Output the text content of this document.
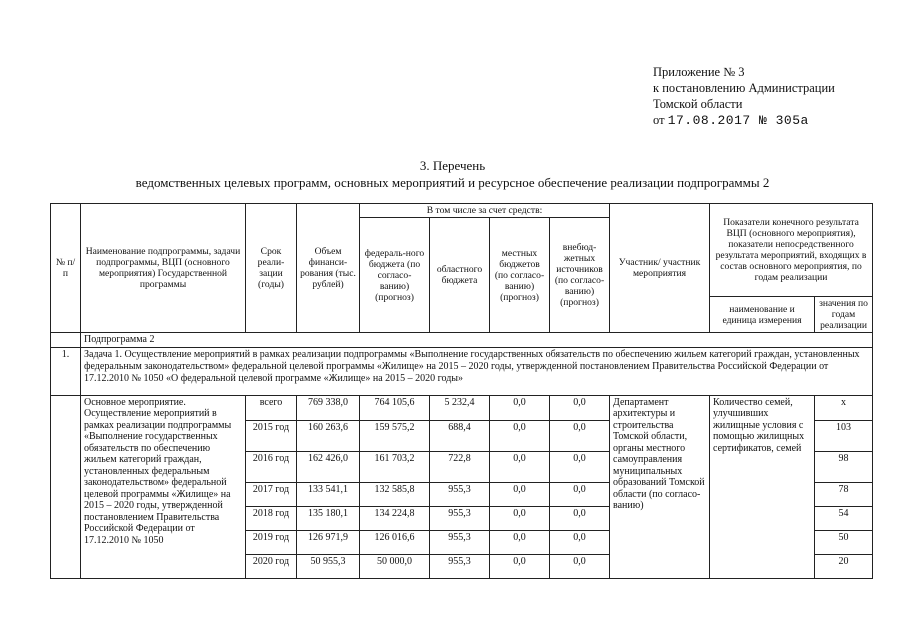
Приложение № 3
к постановлению Администрации
Томской области
от 17.08.2017 № 305а
3. Перечень
ведомственных целевых программ, основных мероприятий и ресурсное обеспечение реализации подпрограммы 2
№ п/п	Наименование подпрограммы, задачи подпрограммы, ВЦП (основного мероприятия) Государственной программы	Срок реали-зации (годы)	Объем финанси-рования (тыс. рублей)	В том числе за счет средств:				Участник/ участник мероприятия	Показатели конечного результата ВЦП (основного мероприятия), показатели непосредственного результата мероприятий, входящих в состав основного мероприятия, по годам реализации	
				федераль-ного бюджета (по согласо-ванию) (прогноз)	областного бюджета	местных бюджетов (по согласо-ванию) (прогноз)	внебюд-жетных источников (по согласо-ванию) (прогноз)			
									наименование и единица измерения	значения по годам реализации
	Подпрограмма 2									
1.	Задача 1. Осуществление мероприятий в рамках реализации подпрограммы «Выполнение государственных обязательств по обеспечению жильем категорий граждан, установленных федеральным законодательством» федеральной целевой программы «Жилище» на 2015 – 2020 годы, утвержденной постановлением Правительства Российской Федерации от 17.12.2010 № 1050 «О федеральной целевой программе «Жилище» на 2015 – 2020 годы»									
	Основное мероприятие. Осуществление мероприятий в рамках реализации подпрограммы «Выполнение государственных обязательств по обеспечению жильем категорий граждан, установленных федеральным законодательством» федеральной целевой программы «Жилище» на 2015 – 2020 годы, утвержденной постановлением Правительства Российской Федерации от 17.12.2010 № 1050	всего	769 338,0	764 105,6	5 232,4	0,0	0,0	Департамент архитектуры и строительства Томской области, органы местного самоуправления муниципальных образований Томской области (по согласо-ванию)	Количество семей, улучшивших жилищные условия с помощью жилищных сертификатов, семей	x
		2015 год	160 263,6	159 575,2	688,4	0,0	0,0			103
		2016 год	162 426,0	161 703,2	722,8	0,0	0,0			98
		2017 год	133 541,1	132 585,8	955,3	0,0	0,0			78
		2018 год	135 180,1	134 224,8	955,3	0,0	0,0			54
		2019 год	126 971,9	126 016,6	955,3	0,0	0,0			50
		2020 год	50 955,3	50 000,0	955,3	0,0	0,0			20
